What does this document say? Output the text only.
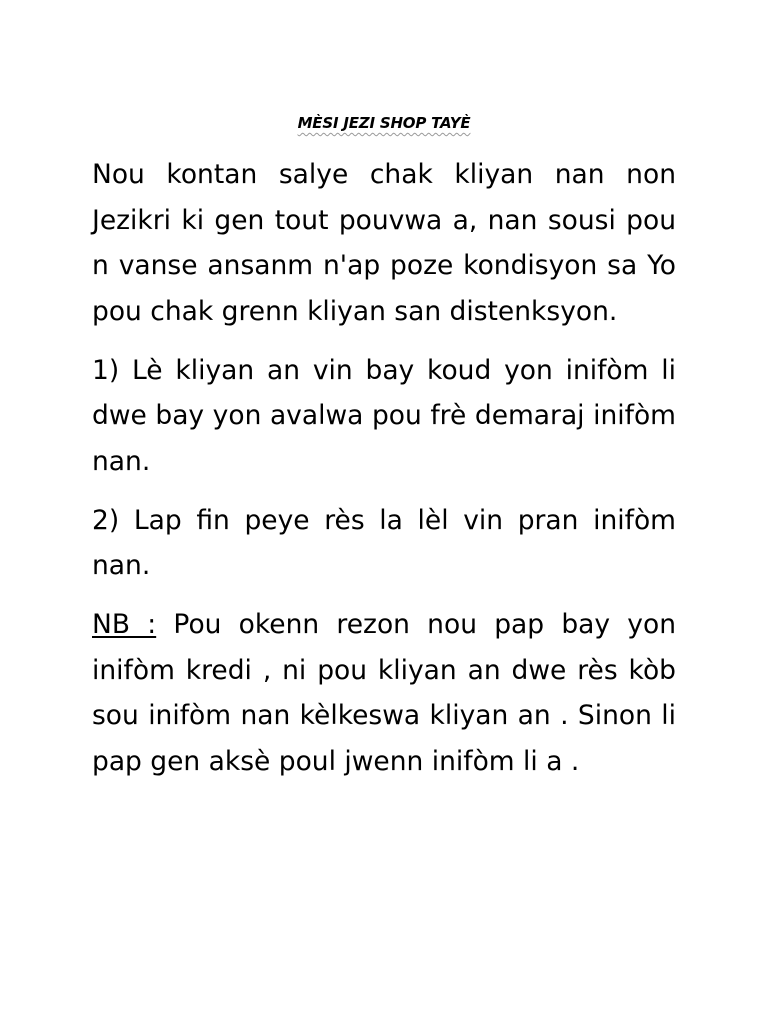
MÈSI JEZI SHOP TAYÈ

Nou kontan salye chak kliyan nan non Jezikri ki gen tout pouvwa a, nan sousi pou n vanse ansanm n'ap poze kondisyon sa Yo pou chak grenn kliyan san distenksyon.

1) Lè kliyan an vin bay koud yon inifòm li dwe bay yon avalwa pou frè demaraj inifòm nan.

2) Lap fin peye rès la lèl vin pran inifòm nan.

NB : Pou okenn rezon nou pap bay yon inifòm kredi , ni pou kliyan an dwe rès kòb sou inifòm nan kèlkeswa kliyan an . Sinon li pap gen aksè poul jwenn inifòm li a .
